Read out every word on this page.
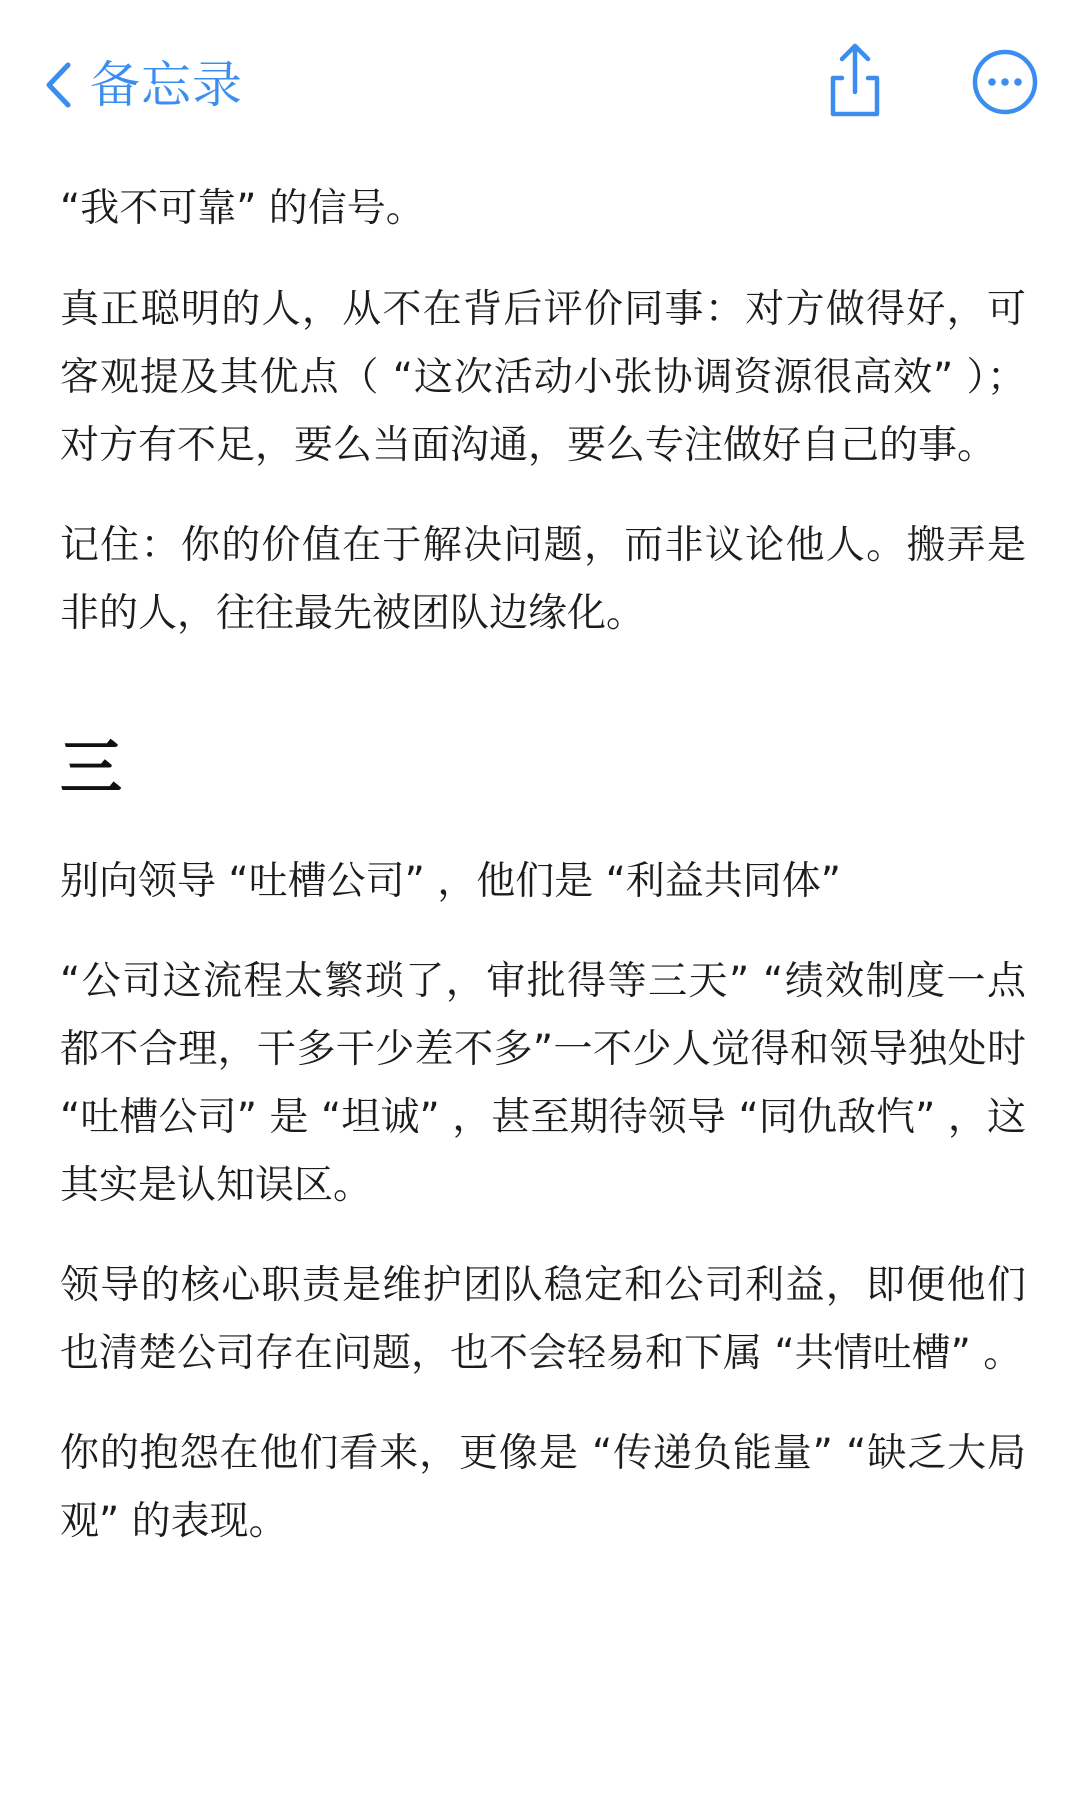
备忘录

“我不可靠” 的信号。

真正聪明的人，从不在背后评价同事：对方做得好，可客观提及其优点（ “这次活动小张协调资源很高效” ）；对方有不足，要么当面沟通，要么专注做好自己的事。

记住：你的价值在于解决问题，而非议论他人。搬弄是非的人，往往最先被团队边缘化。

三

别向领导 “吐槽公司” ，他们是 “利益共同体”

“公司这流程太繁琐了，审批得等三天” “绩效制度一点都不合理，干多干少差不多”一不少人觉得和领导独处时 “吐槽公司” 是 “坦诚” ，甚至期待领导 “同仇敌忾” ，这其实是认知误区。

领导的核心职责是维护团队稳定和公司利益，即便他们也清楚公司存在问题，也不会轻易和下属 “共情吐槽” 。

你的抱怨在他们看来，更像是 “传递负能量” “缺乏大局观” 的表现。
